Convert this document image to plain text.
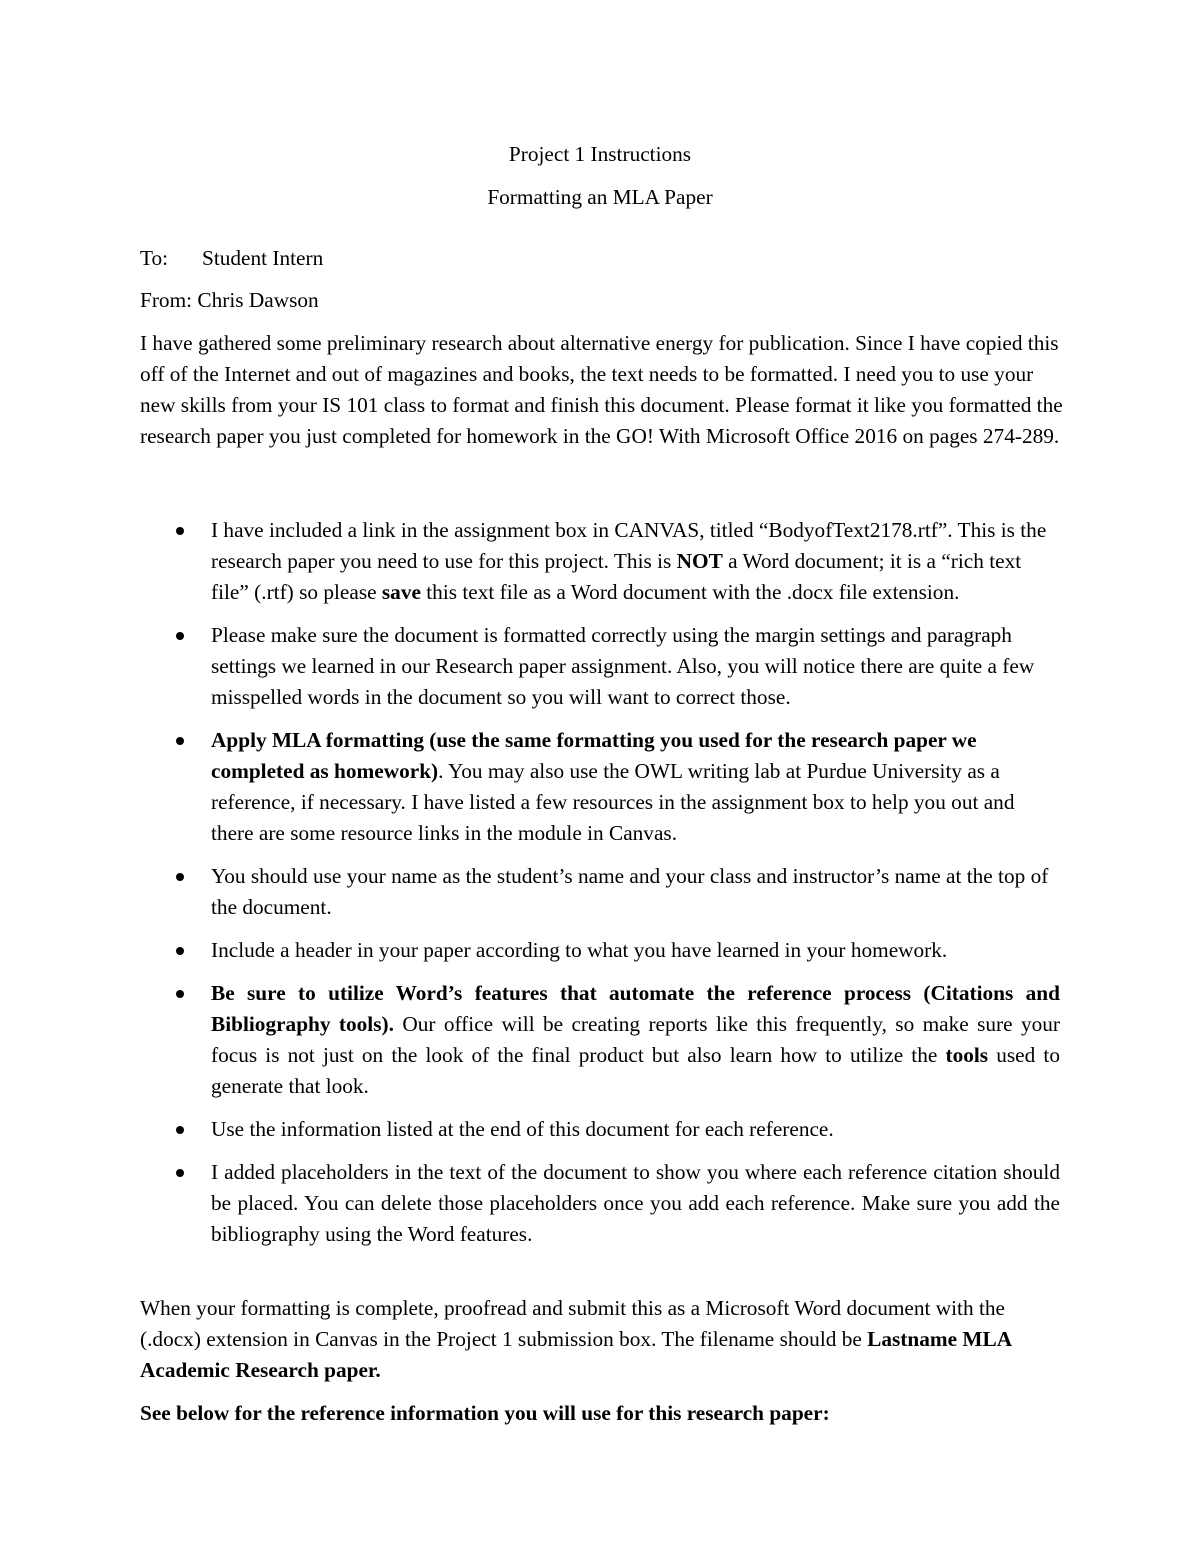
Project 1 Instructions

Formatting an MLA Paper

To: Student Intern

From: Chris Dawson

I have gathered some preliminary research about alternative energy for publication. Since I have copied this off of the Internet and out of magazines and books, the text needs to be formatted. I need you to use your new skills from your IS 101 class to format and finish this document. Please format it like you formatted the research paper you just completed for homework in the GO! With Microsoft Office 2016 on pages 274-289.

I have included a link in the assignment box in CANVAS, titled “BodyofText2178.rtf”. This is the research paper you need to use for this project. This is NOT a Word document; it is a “rich text file” (.rtf) so please save this text file as a Word document with the .docx file extension.
Please make sure the document is formatted correctly using the margin settings and paragraph settings we learned in our Research paper assignment. Also, you will notice there are quite a few misspelled words in the document so you will want to correct those.
Apply MLA formatting (use the same formatting you used for the research paper we completed as homework). You may also use the OWL writing lab at Purdue University as a reference, if necessary. I have listed a few resources in the assignment box to help you out and there are some resource links in the module in Canvas.
You should use your name as the student’s name and your class and instructor’s name at the top of the document.
Include a header in your paper according to what you have learned in your homework.
Be sure to utilize Word’s features that automate the reference process (Citations and Bibliography tools). Our office will be creating reports like this frequently, so make sure your focus is not just on the look of the final product but also learn how to utilize the tools used to generate that look.
Use the information listed at the end of this document for each reference.
I added placeholders in the text of the document to show you where each reference citation should be placed. You can delete those placeholders once you add each reference. Make sure you add the bibliography using the Word features.

When your formatting is complete, proofread and submit this as a Microsoft Word document with the (.docx) extension in Canvas in the Project 1 submission box. The filename should be Lastname MLA Academic Research paper.

See below for the reference information you will use for this research paper:
